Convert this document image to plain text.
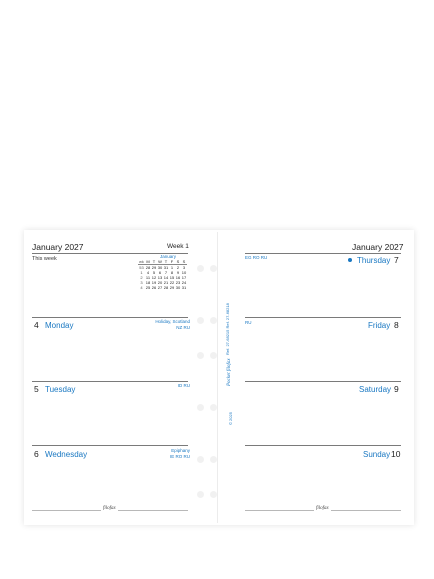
January 2027	Week 1
This week	January
wk M T W T F S S
53 28 29 30 31 1 2 3
1	4 5 6 7 8 9 10
2 11 12 13 14 15 16 17
3 18 19 20 21 22 23 24
4 25 26 27 28 29 30 31
4 Monday	Holiday, Scotland
NZ RU
5 Tuesday	ID RU
6 Wednesday	Epiphany
IE RO RU
filofax
Ref. 27-68215 Ref. 27-68218
Pocket filofax
© 2025
January 2027
EG RO RU	Thursday 7
RU	Friday 8
Saturday 9
Sunday 10
filofax
